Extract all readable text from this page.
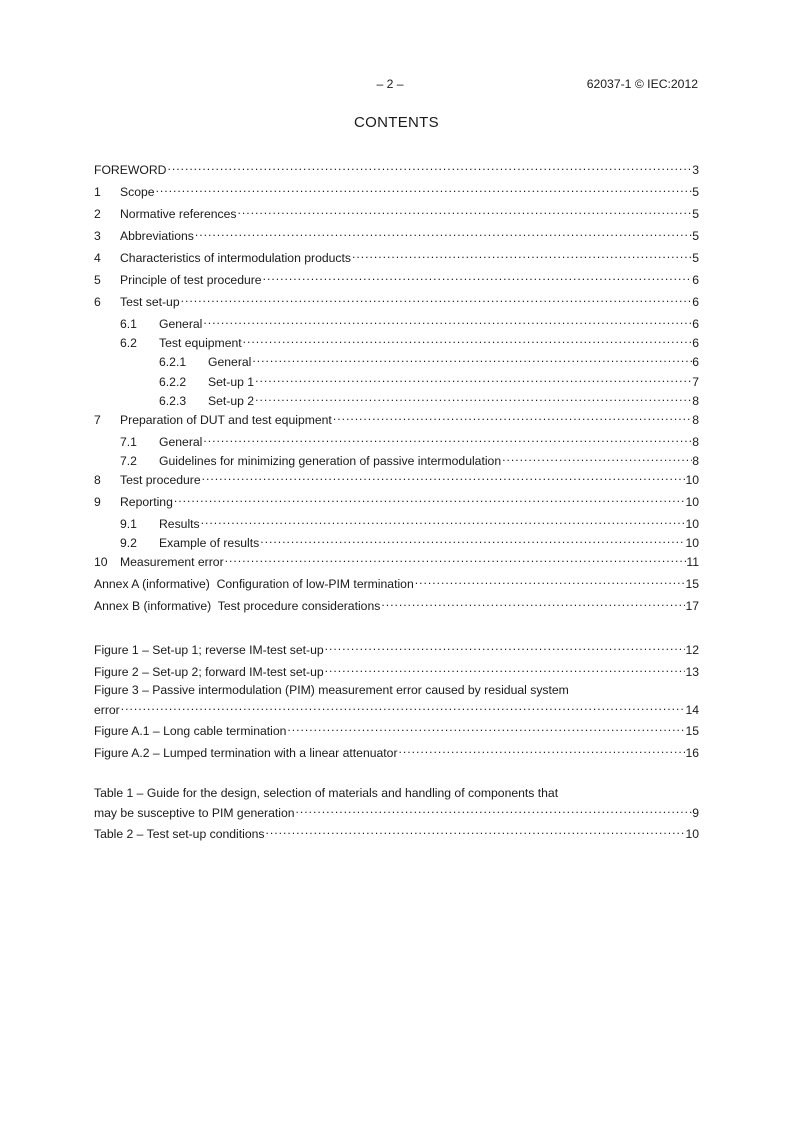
– 2 –	62037-1 © IEC:2012
CONTENTS
FOREWORD . . .	3
1	Scope . . .	5
2	Normative references . . .	5
3	Abbreviations . . .	5
4	Characteristics of intermodulation products . . .	5
5	Principle of test procedure . . .	6
6	Test set-up . . .	6
6.1	General . . .	6
6.2	Test equipment . . .	6
6.2.1	General . . .	6
6.2.2	Set-up 1 . . .	7
6.2.3	Set-up 2 . . .	8
7	Preparation of DUT and test equipment . . .	8
7.1	General . . .	8
7.2	Guidelines for minimizing generation of passive intermodulation . . .	8
8	Test procedure . . .	10
9	Reporting . . .	10
9.1	Results . . .	10
9.2	Example of results . . .	10
10	Measurement error . . .	11
Annex A (informative)  Configuration of low-PIM termination . . .	15
Annex B (informative)  Test procedure considerations . . .	17
Figure 1 – Set-up 1; reverse IM-test set-up . . .	12
Figure 2 – Set-up 2; forward IM-test set-up . . .	13
Figure 3 – Passive intermodulation (PIM) measurement error caused by residual system
error . . .	14
Figure A.1 – Long cable termination . . .	15
Figure A.2 – Lumped termination with a linear attenuator . . .	16
Table 1 – Guide for the design, selection of materials and handling of components that
may be susceptive to PIM generation . . .	9
Table 2 – Test set-up conditions . . .	10
